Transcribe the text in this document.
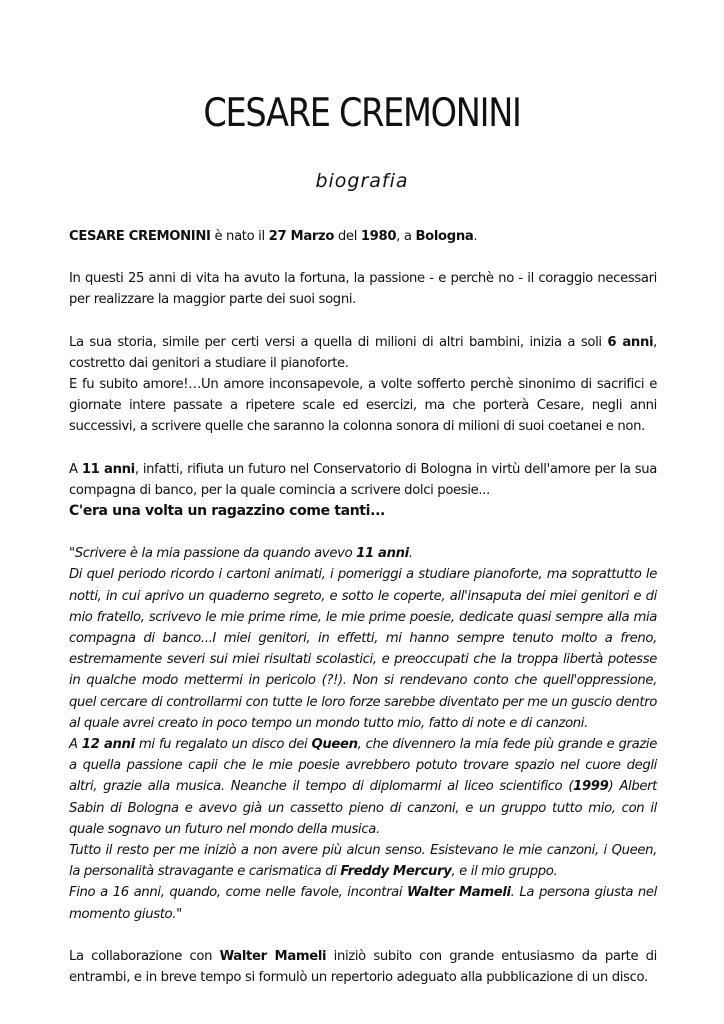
CESARE CREMONINI
biografia

CESARE CREMONINI è nato il 27 Marzo del 1980, a Bologna.

In questi 25 anni di vita ha avuto la fortuna, la passione - e perchè no - il coraggio necessari per realizzare la maggior parte dei suoi sogni.

La sua storia, simile per certi versi a quella di milioni di altri bambini, inizia a soli 6 anni, costretto dai genitori a studiare il pianoforte.
E fu subito amore!…Un amore inconsapevole, a volte sofferto perchè sinonimo di sacrifici e giornate intere passate a ripetere scale ed esercizi, ma che porterà Cesare, negli anni successivi, a scrivere quelle che saranno la colonna sonora di milioni di suoi coetanei e non.

A 11 anni, infatti, rifiuta un futuro nel Conservatorio di Bologna in virtù dell'amore per la sua compagna di banco, per la quale comincia a scrivere dolci poesie...
C'era una volta un ragazzino come tanti...

"Scrivere è la mia passione da quando avevo 11 anni.

Di quel periodo ricordo i cartoni animati, i pomeriggi a studiare pianoforte, ma soprattutto le notti, in cui aprivo un quaderno segreto, e sotto le coperte, all'insaputa dei miei genitori e di mio fratello, scrivevo le mie prime rime, le mie prime poesie, dedicate quasi sempre alla mia compagna di banco...I miei genitori, in effetti, mi hanno sempre tenuto molto a freno, estremamente severi sui miei risultati scolastici, e preoccupati che la troppa libertà potesse in qualche modo mettermi in pericolo (?!). Non si rendevano conto che quell'oppressione, quel cercare di controllarmi con tutte le loro forze sarebbe diventato per me un guscio dentro al quale avrei creato in poco tempo un mondo tutto mio, fatto di note e di canzoni.

A 12 anni mi fu regalato un disco dei Queen, che divennero la mia fede più grande e grazie a quella passione capii che le mie poesie avrebbero potuto trovare spazio nel cuore degli altri, grazie alla musica. Neanche il tempo di diplomarmi al liceo scientifico (1999) Albert Sabin di Bologna e avevo già un cassetto pieno di canzoni, e un gruppo tutto mio, con il quale sognavo un futuro nel mondo della musica.

Tutto il resto per me iniziò a non avere più alcun senso. Esistevano le mie canzoni, i Queen, la personalità stravagante e carismatica di Freddy Mercury, e il mio gruppo.

Fino a 16 anni, quando, come nelle favole, incontrai Walter Mameli. La persona giusta nel momento giusto."

La collaborazione con Walter Mameli iniziò subito con grande entusiasmo da parte di entrambi, e in breve tempo si formulò un repertorio adeguato alla pubblicazione di un disco.
